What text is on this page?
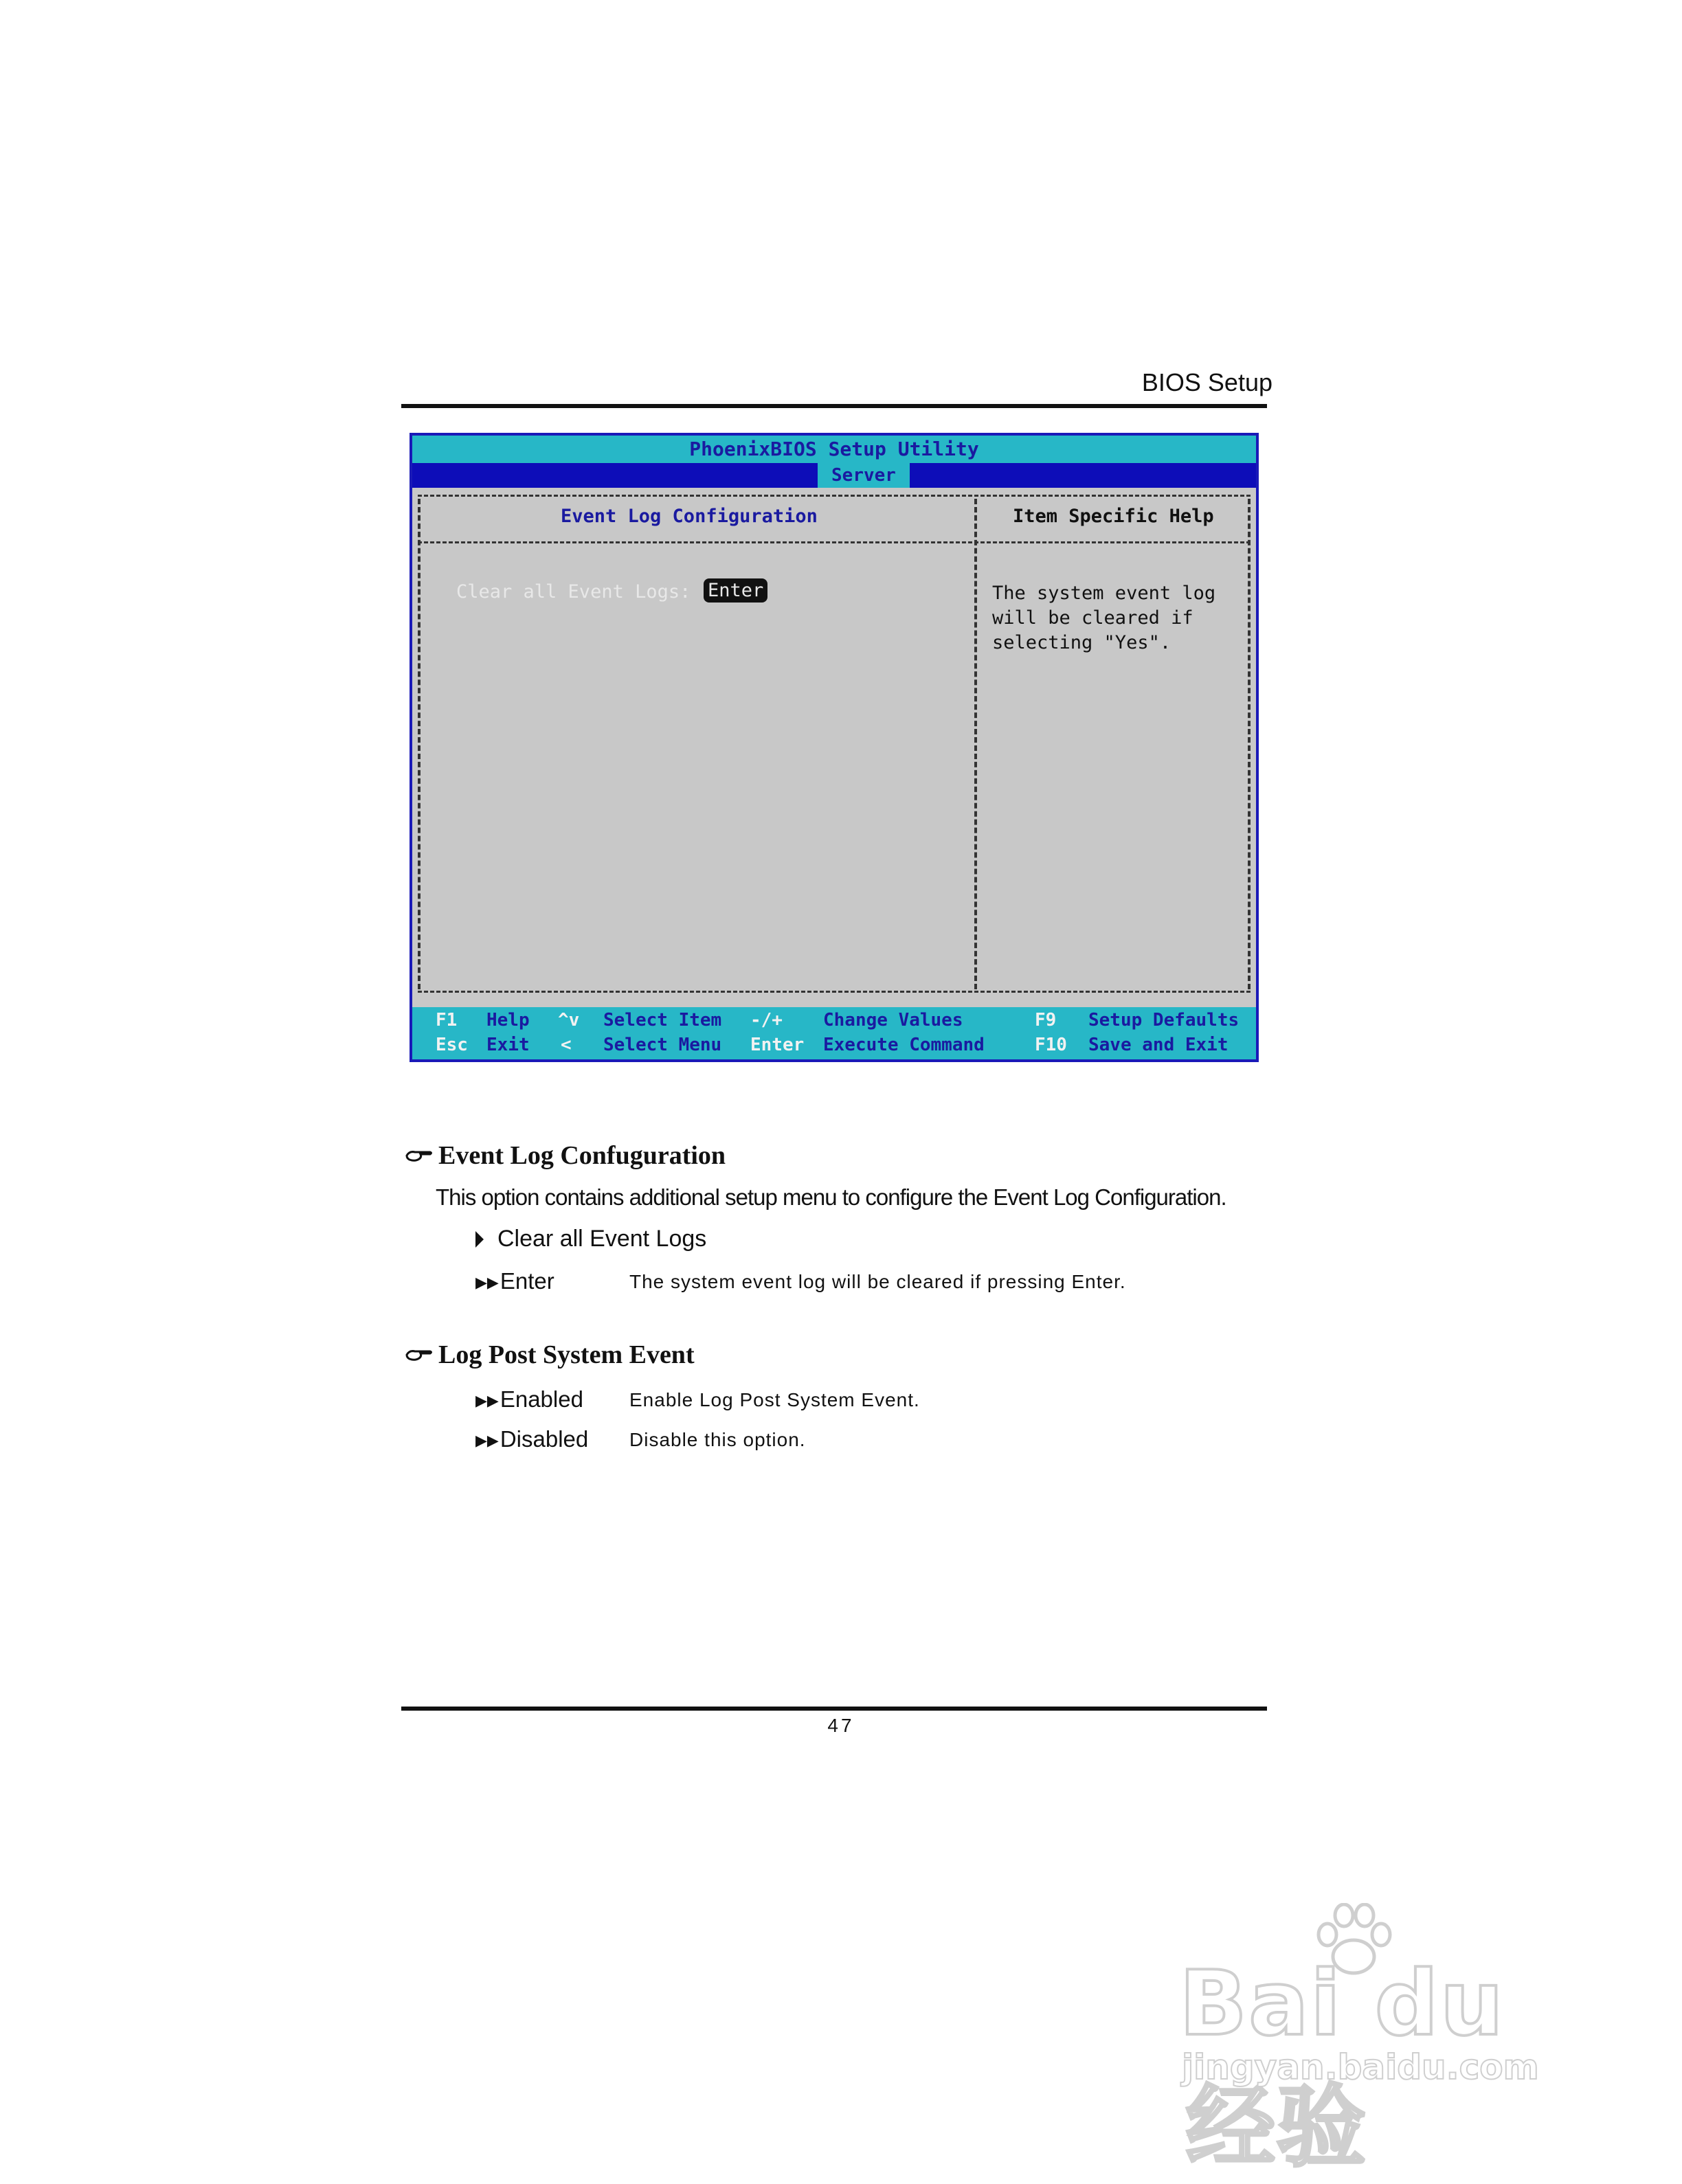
BIOS Setup
PhoenixBIOS Setup Utility
Server
Event Log Configuration	Item Specific Help
Clear all Event Logs: Enter	The system event log
will be cleared if
selecting "Yes".
F1 Help ^v Select Item -/+ Change Values	F9 Setup Defaults
Esc Exit < Select Menu Enter Execute Command	F10 Save and Exit
Event Log Confuguration
This option contains additional setup menu to configure the Event Log Configuration.
Clear all Event Logs
▶▶Enter	The system event log will be cleared if pressing Enter.
Log Post System Event
▶▶Enabled Enable Log Post System Event.
▶▶Disabled Disable this option.
47
Bai du经验
jingyan.baidu.com
